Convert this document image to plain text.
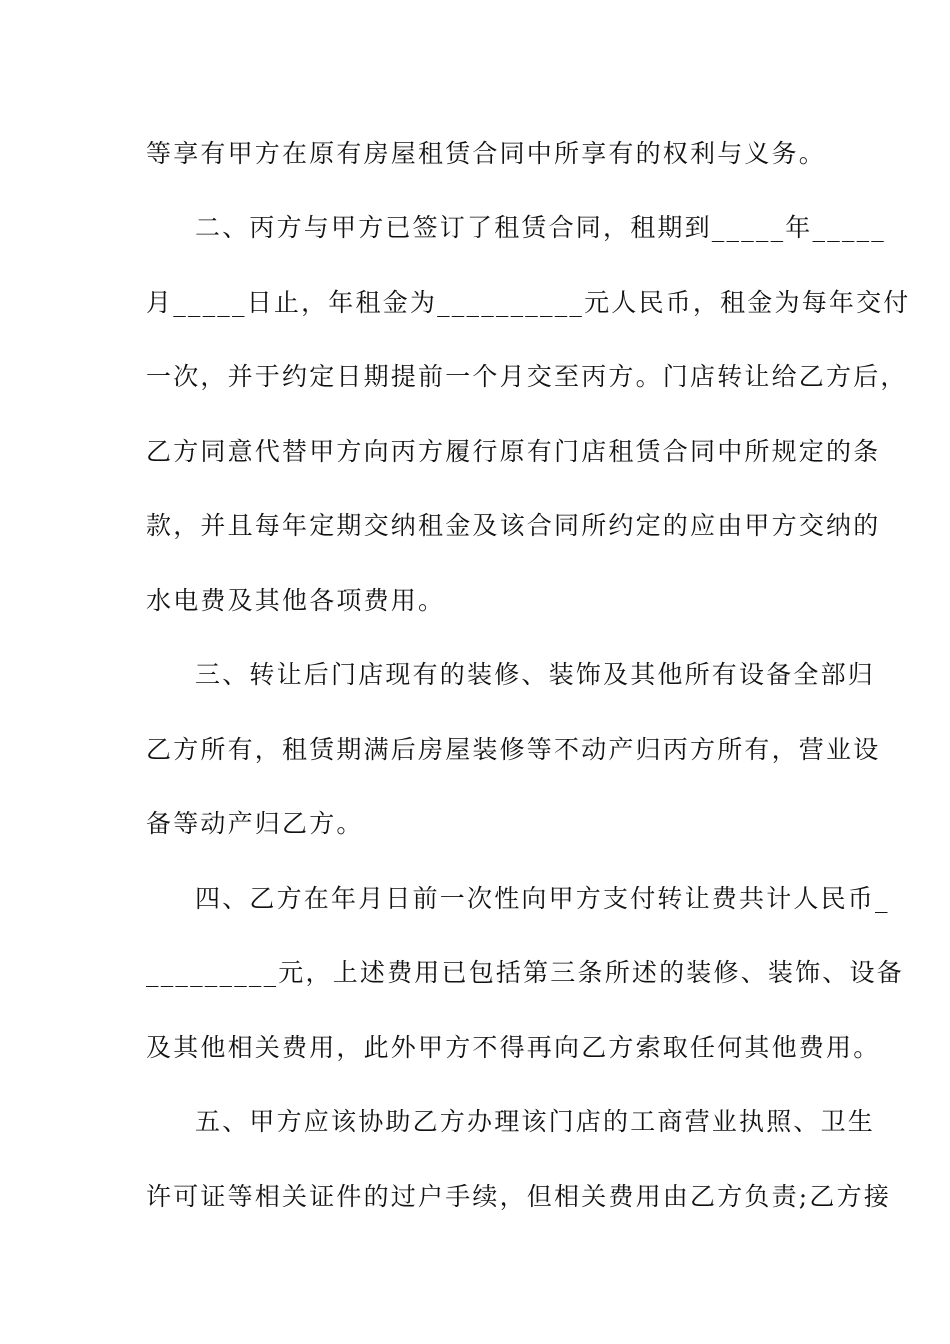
等享有甲方在原有房屋租赁合同中所享有的权利与义务。
二、丙方与甲方已签订了租赁合同，租期到_____年_____
月_____日止，年租金为__________元人民币，租金为每年交付
一次，并于约定日期提前一个月交至丙方。门店转让给乙方后，
乙方同意代替甲方向丙方履行原有门店租赁合同中所规定的条
款，并且每年定期交纳租金及该合同所约定的应由甲方交纳的
水电费及其他各项费用。
三、转让后门店现有的装修、装饰及其他所有设备全部归
乙方所有，租赁期满后房屋装修等不动产归丙方所有，营业设
备等动产归乙方。
四、乙方在年月日前一次性向甲方支付转让费共计人民币_
_________元，上述费用已包括第三条所述的装修、装饰、设备
及其他相关费用，此外甲方不得再向乙方索取任何其他费用。
五、甲方应该协助乙方办理该门店的工商营业执照、卫生
许可证等相关证件的过户手续，但相关费用由乙方负责;乙方接
